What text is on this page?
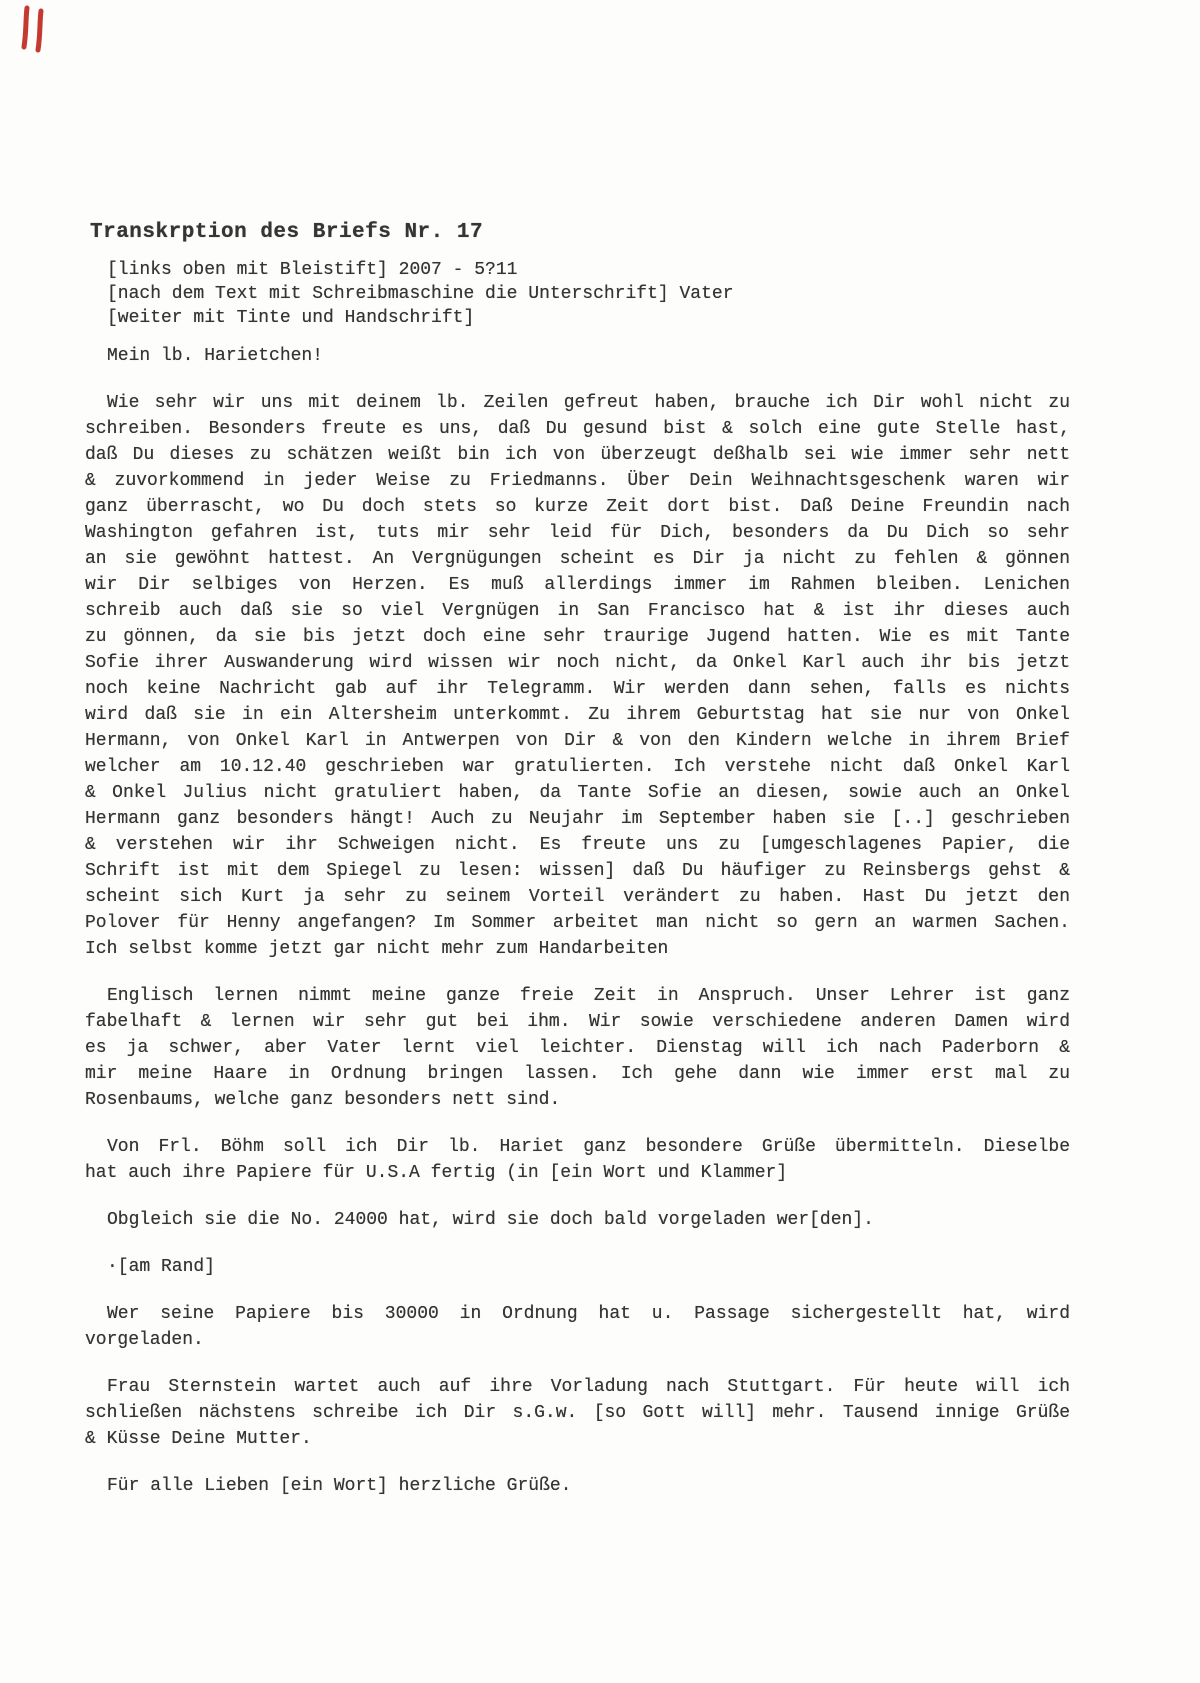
Transkrption des Briefs Nr. 17
[links oben mit Bleistift] 2007 - 5?11
[nach dem Text mit Schreibmaschine die Unterschrift] Vater
[weiter mit Tinte und Handschrift]

Mein lb. Harietchen!

Wie sehr wir uns mit deinem lb. Zeilen gefreut haben, brauche ich Dir wohl nicht zu
schreiben. Besonders freute es uns, daß Du gesund bist & solch eine gute Stelle hast,
daß Du dieses zu schätzen weißt bin ich von überzeugt deßhalb sei wie immer sehr nett
& zuvorkommend in jeder Weise zu Friedmanns. Über Dein Weihnachtsgeschenk waren wir
ganz überrascht, wo Du doch stets so kurze Zeit dort bist. Daß Deine Freundin nach
Washington gefahren ist, tuts mir sehr leid für Dich, besonders da Du Dich so sehr
an sie gewöhnt hattest. An Vergnügungen scheint es Dir ja nicht zu fehlen & gönnen
wir Dir selbiges von Herzen. Es muß allerdings immer im Rahmen bleiben. Lenichen
schreib auch daß sie so viel Vergnügen in San Francisco hat & ist ihr dieses auch
zu gönnen, da sie bis jetzt doch eine sehr traurige Jugend hatten. Wie es mit Tante
Sofie ihrer Auswanderung wird wissen wir noch nicht, da Onkel Karl auch ihr bis jetzt
noch keine Nachricht gab auf ihr Telegramm. Wir werden dann sehen, falls es nichts
wird daß sie in ein Altersheim unterkommt. Zu ihrem Geburtstag hat sie nur von Onkel
Hermann, von Onkel Karl in Antwerpen von Dir & von den Kindern welche in ihrem Brief
welcher am 10.12.40 geschrieben war gratulierten. Ich verstehe nicht daß Onkel Karl
& Onkel Julius nicht gratuliert haben, da Tante Sofie an diesen, sowie auch an Onkel
Hermann ganz besonders hängt! Auch zu Neujahr im September haben sie [..] geschrieben
& verstehen wir ihr Schweigen nicht. Es freute uns zu [umgeschlagenes Papier, die
Schrift ist mit dem Spiegel zu lesen: wissen] daß Du häufiger zu Reinsbergs gehst &
scheint sich Kurt ja sehr zu seinem Vorteil verändert zu haben. Hast Du jetzt den
Polover für Henny angefangen? Im Sommer arbeitet man nicht so gern an warmen Sachen.
Ich selbst komme jetzt gar nicht mehr zum Handarbeiten
Englisch lernen nimmt meine ganze freie Zeit in Anspruch. Unser Lehrer ist ganz
fabelhaft & lernen wir sehr gut bei ihm. Wir sowie verschiedene anderen Damen wird
es ja schwer, aber Vater lernt viel leichter. Dienstag will ich nach Paderborn &
mir meine Haare in Ordnung bringen lassen. Ich gehe dann wie immer erst mal zu
Rosenbaums, welche ganz besonders nett sind.
Von Frl. Böhm soll ich Dir lb. Hariet ganz besondere Grüße übermitteln. Dieselbe
hat auch ihre Papiere für U.S.A fertig (in [ein Wort und Klammer]
Obgleich sie die No. 24000 hat, wird sie doch bald vorgeladen wer[den].
·[am Rand]
Wer seine Papiere bis 30000 in Ordnung hat u. Passage sichergestellt hat, wird
vorgeladen.
Frau Sternstein wartet auch auf ihre Vorladung nach Stuttgart. Für heute will ich
schließen nächstens schreibe ich Dir s.G.w. [so Gott will] mehr. Tausend innige Grüße
& Küsse Deine Mutter.
Für alle Lieben [ein Wort] herzliche Grüße.
